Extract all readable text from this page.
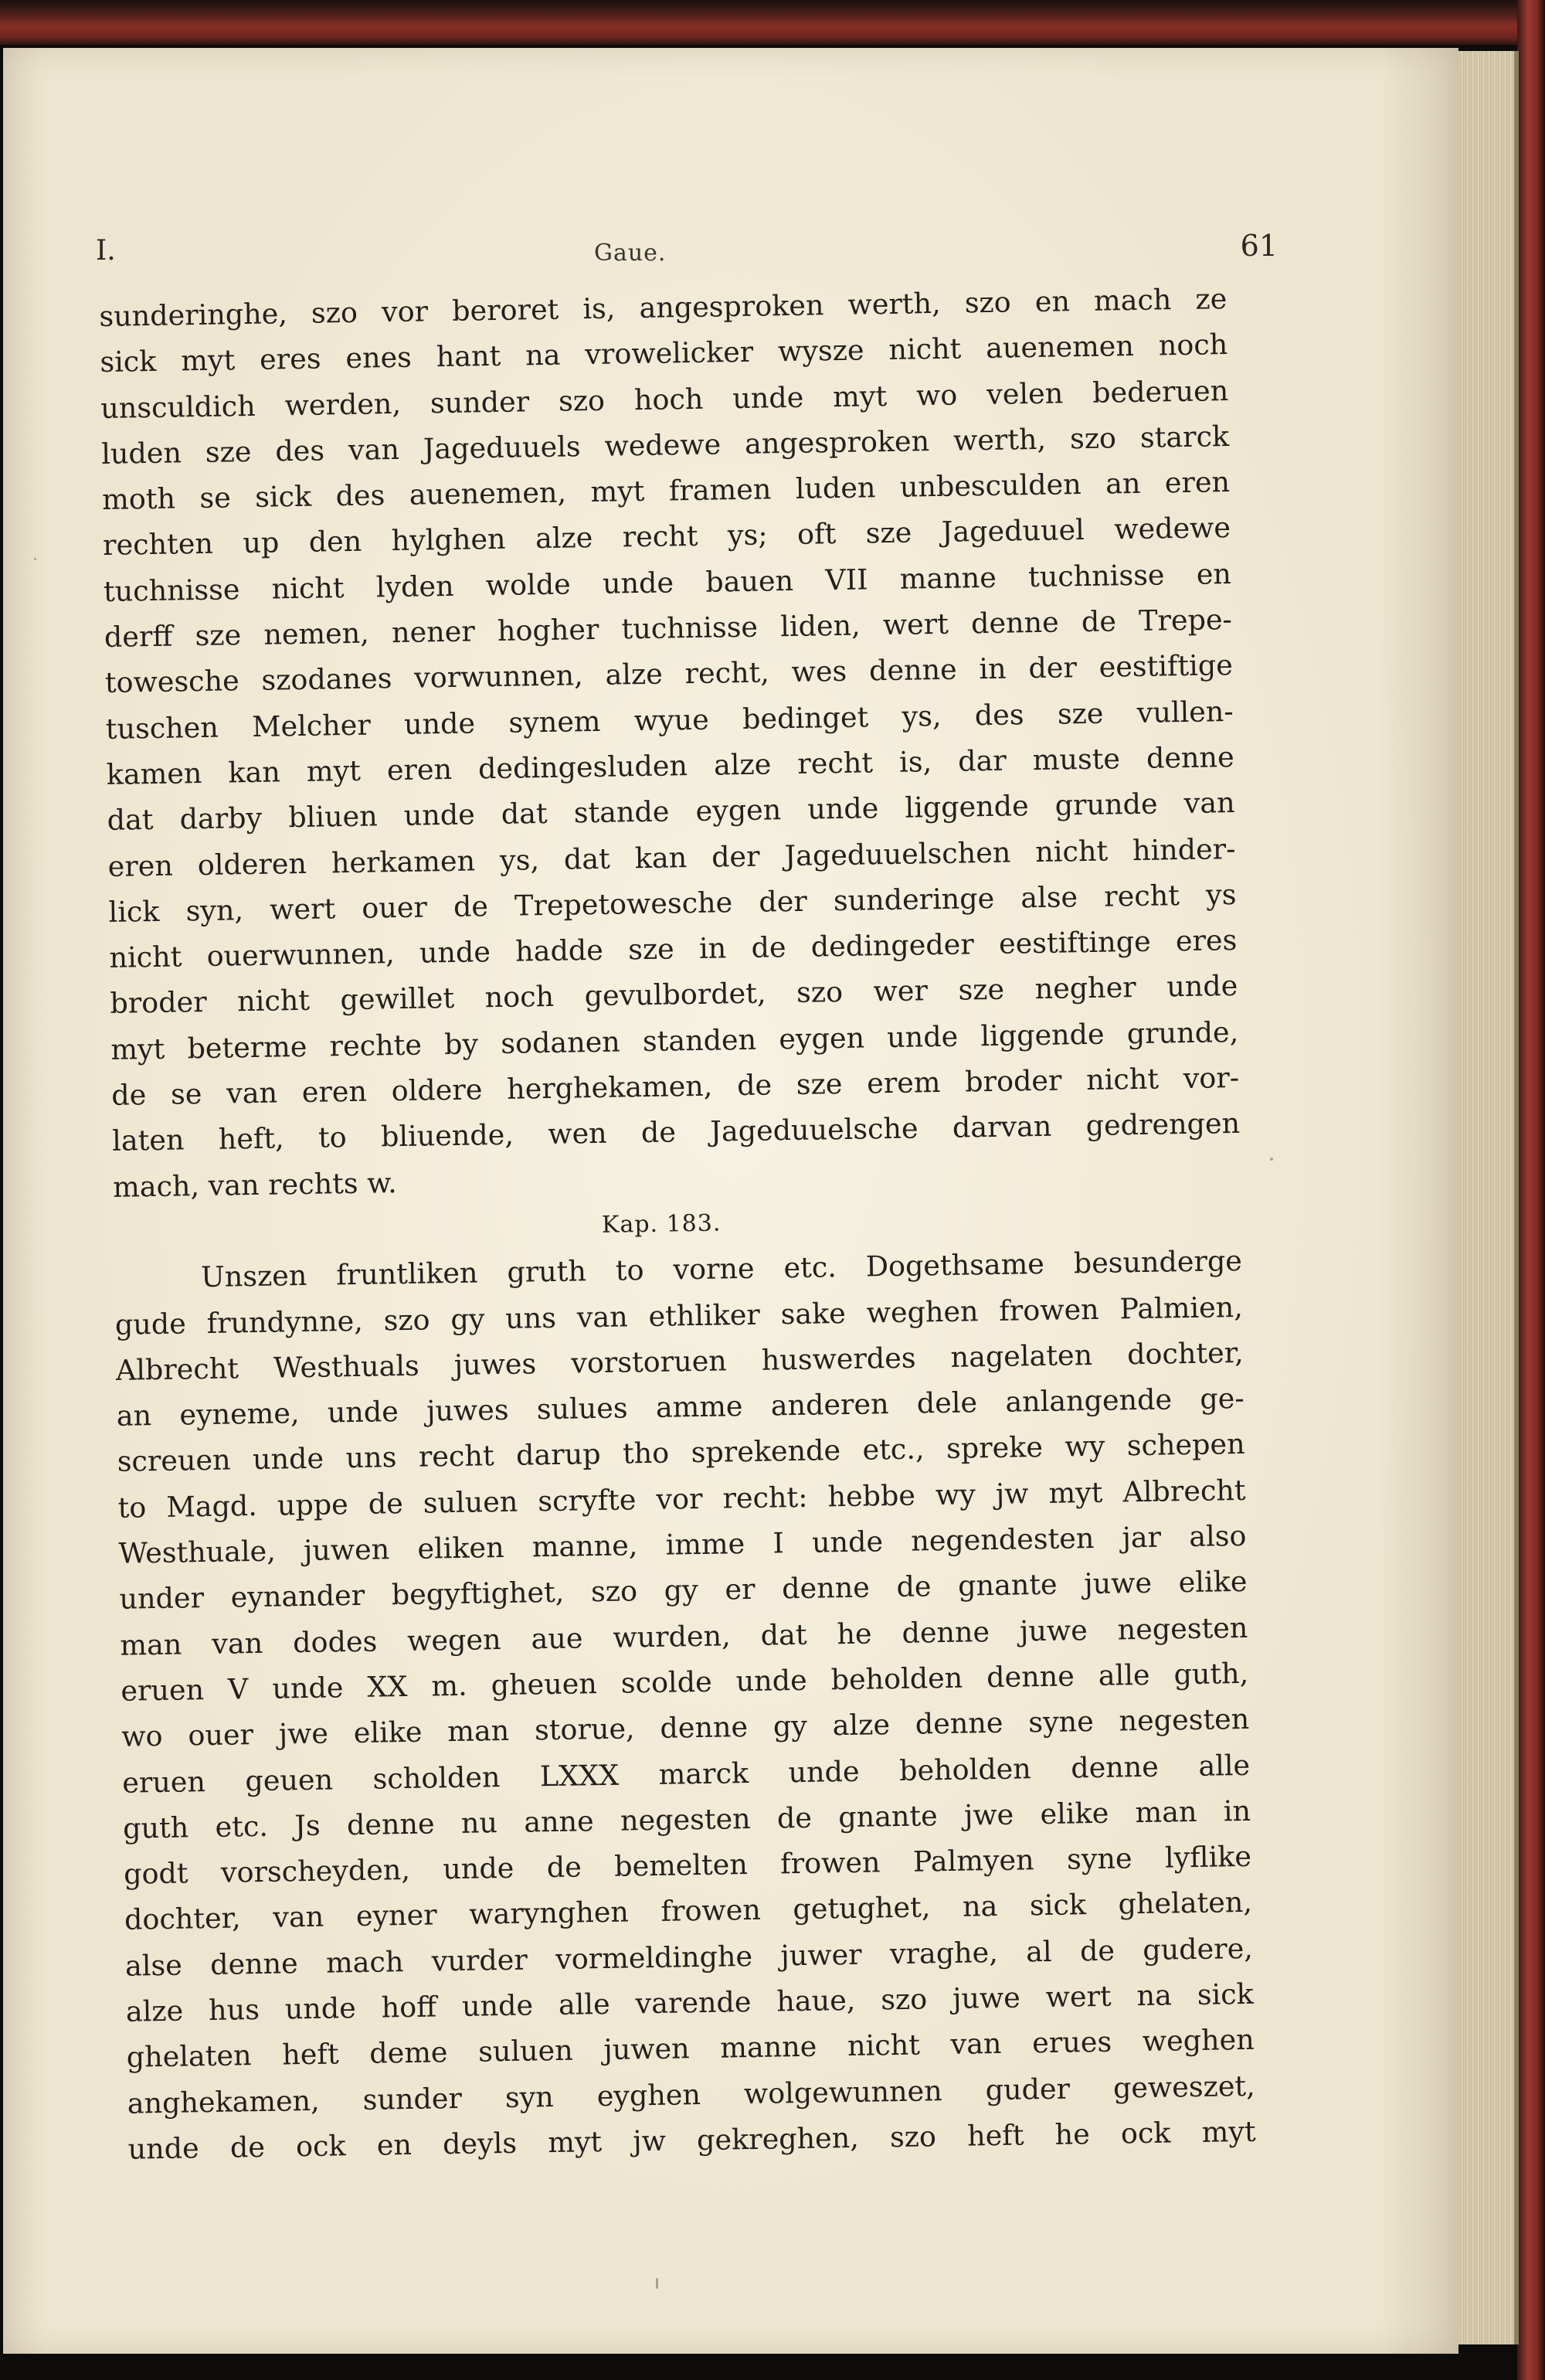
I.	Gaue.	61
sunderinghe, szo vor beroret is, angesproken werth, szo en mach ze
sick myt eres enes hant na vrowelicker wysze nicht auenemen noch
unsculdich werden, sunder szo hoch unde myt wo velen bederuen
luden sze des van Jageduuels wedewe angesproken werth, szo starck
moth se sick des auenemen, myt framen luden unbesculden an eren
rechten up den hylghen alze recht ys; oft sze Jageduuel wedewe
tuchnisse nicht lyden wolde unde bauen VII manne tuchnisse en
derff sze nemen, nener hogher tuchnisse liden, wert denne de Trepe-
towesche szodanes vorwunnen, alze recht, wes denne in der eestiftige
tuschen Melcher unde synem wyue bedinget ys, des sze vullen-
kamen kan myt eren dedingesluden alze recht is, dar muste denne
dat darby bliuen unde dat stande eygen unde liggende grunde van
eren olderen herkamen ys, dat kan der Jageduuelschen nicht hinder-
lick syn, wert ouer de Trepetowesche der sunderinge alse recht ys
nicht ouerwunnen, unde hadde sze in de dedingeder eestiftinge eres
broder nicht gewillet noch gevulbordet, szo wer sze negher unde
myt beterme rechte by sodanen standen eygen unde liggende grunde,
de se van eren oldere herghekamen, de sze erem broder nicht vor-
laten heft, to bliuende, wen de Jageduuelsche darvan gedrengen
mach, van rechts w.
Kap. 183.
Unszen fruntliken gruth to vorne etc. Dogethsame besunderge
gude frundynne, szo gy uns van ethliker sake weghen frowen Palmien,
Albrecht Westhuals juwes vorstoruen huswerdes nagelaten dochter,
an eyneme, unde juwes sulues amme anderen dele anlangende ge-
screuen unde uns recht darup tho sprekende etc., spreke wy schepen
to Magd. uppe de suluen scryfte vor recht: hebbe wy jw myt Albrecht
Westhuale, juwen eliken manne, imme I unde negendesten jar also
under eynander begyftighet, szo gy er denne de gnante juwe elike
man van dodes wegen aue wurden, dat he denne juwe negesten
eruen V unde XX m. gheuen scolde unde beholden denne alle guth,
wo ouer jwe elike man storue, denne gy alze denne syne negesten
eruen geuen scholden LXXX marck unde beholden denne alle
guth etc. Js denne nu anne negesten de gnante jwe elike man in
godt vorscheyden, unde de bemelten frowen Palmyen syne lyflike
dochter, van eyner warynghen frowen getughet, na sick ghelaten,
alse denne mach vurder vormeldinghe juwer vraghe, al de gudere,
alze hus unde hoff unde alle varende haue, szo juwe wert na sick
ghelaten heft deme suluen juwen manne nicht van erues weghen
anghekamen, sunder syn eyghen wolgewunnen guder geweszet,
unde de ock en deyls myt jw gekreghen, szo heft he ock myt
